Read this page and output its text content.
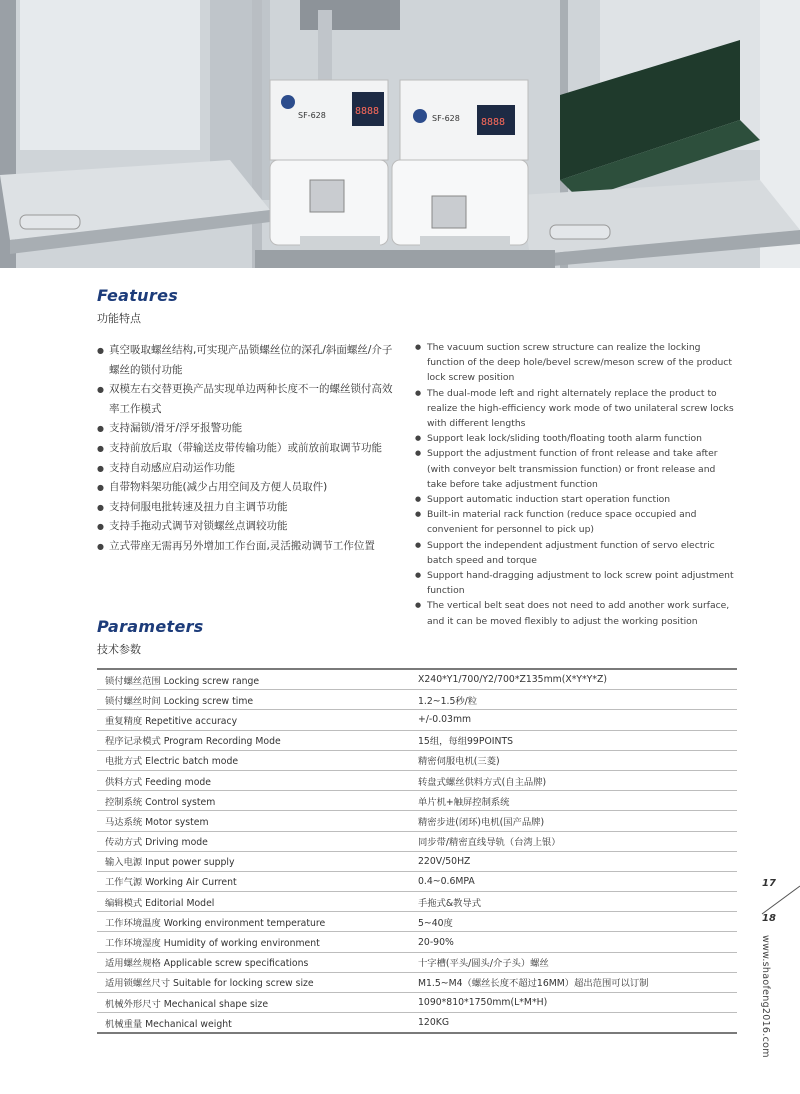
SF-628	SF-628
8888
8888
Features
功能特点
● 真空吸取螺丝结构,可实现产品锁螺丝位的深孔/斜面螺丝/介子螺丝的锁付功能
● 双模左右交替更换产品实现单边两种长度不一的螺丝锁付高效率工作模式
● 支持漏锁/滑牙/浮牙报警功能
● 支持前放后取（带输送皮带传输功能）或前放前取调节功能
● 支持自动感应启动运作功能
● 自带物料架功能(减少占用空间及方便人员取件)
● 支持伺服电批转速及扭力自主调节功能
● 支持手拖动式调节对锁螺丝点调较功能
● 立式带座无需再另外增加工作台面,灵活搬动调节工作位置
● The vacuum suction screw structure can realize the locking function of the deep hole/bevel screw/meson screw of the product lock screw position
● The dual-mode left and right alternately replace the product to realize the high-efficiency work mode of two unilateral screw locks with different lengths
● Support leak lock/sliding tooth/floating tooth alarm function
● Support the adjustment function of front release and take after (with conveyor belt transmission function) or front release and take before take adjustment function
● Support automatic induction start operation function
● Built-in material rack function (reduce space occupied and convenient for personnel to pick up)
● Support the independent adjustment function of servo electric batch speed and torque
● Support hand-dragging adjustment to lock screw point adjustment function
● The vertical belt seat does not need to add another work surface, and it can be moved flexibly to adjust the working position
Parameters
技术参数
锁付螺丝范围 Locking screw range	X240*Y1/700/Y2/700*Z135mm(X*Y*Y*Z)
锁付螺丝时间 Locking screw time	1.2~1.5秒/粒
重复精度 Repetitive accuracy	+/-0.03mm
程序记录模式 Program Recording Mode	15组，每组99POINTS
电批方式 Electric batch mode	精密伺服电机(三菱)
供料方式 Feeding mode	转盘式螺丝供料方式(自主品牌)
控制系统 Control system	单片机+触屏控制系统
马达系统 Motor system	精密步进(闭环)电机(国产品牌)
传动方式 Driving mode	同步带/精密直线导轨（台湾上银）
输入电源 Input power supply	220V/50HZ
工作气源 Working Air Current	0.4~0.6MPA
编辑模式 Editorial Model	手拖式&教导式
工作环境温度 Working environment temperature	5~40度
工作环境湿度 Humidity of working environment	20-90%
适用螺丝规格 Applicable screw specifications	十字槽(平头/圆头/介子头）螺丝
适用锁螺丝尺寸 Suitable for locking screw size	M1.5~M4（螺丝长度不超过16MM）超出范围可以订制
机械外形尺寸 Mechanical shape size	1090*810*1750mm(L*M*H)
机械重量 Mechanical weight	120KG
17
18
www.shaofeng2016.com
